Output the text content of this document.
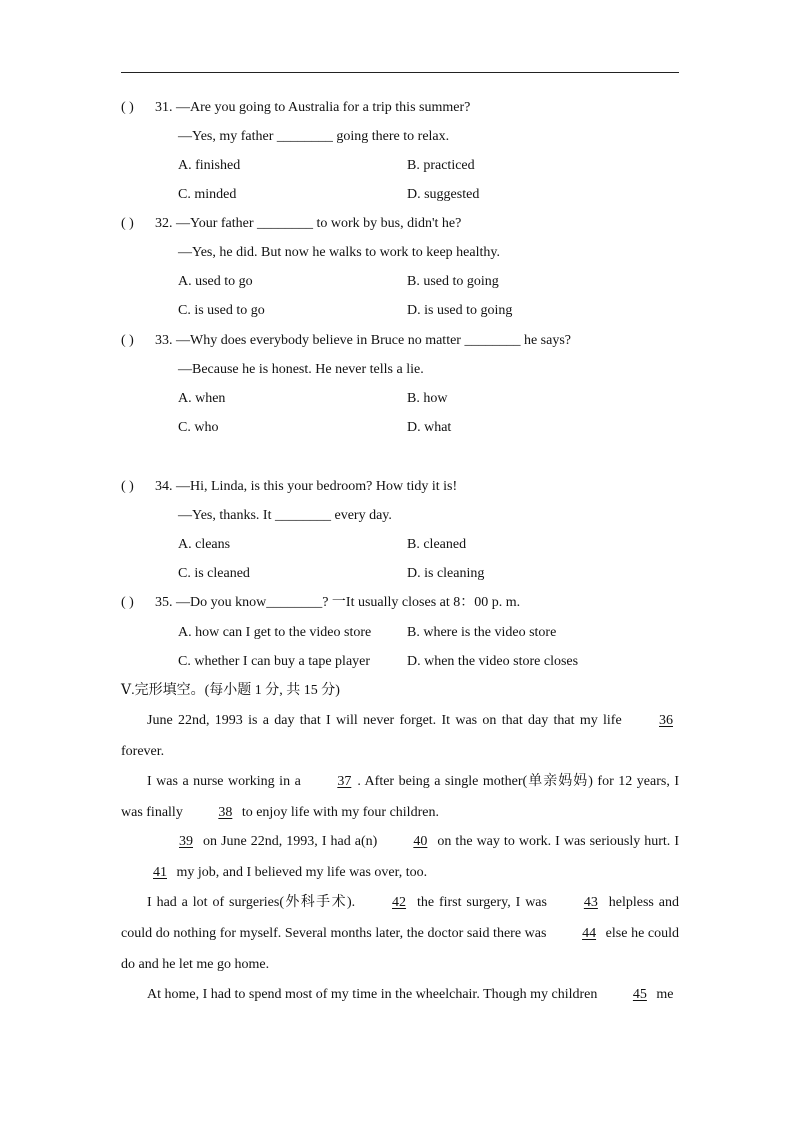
( ) 31. —Are you going to Australia for a trip this summer?
—Yes, my father ________ going there to relax.
A. finished	B. practiced
C. minded	D. suggested
( ) 32. —Your father ________ to work by bus, didn't he?
—Yes, he did. But now he walks to work to keep healthy.
A. used to go	B. used to going
C. is used to go	D. is used to going
( ) 33. —Why does everybody believe in Bruce no matter ________ he says?
—Because he is honest. He never tells a lie.
A. when	B. how
C. who	D. what
( ) 34. —Hi, Linda, is this your bedroom? How tidy it is!
—Yes, thanks. It ________ every day.
A. cleans	B. cleaned
C. is cleaned	D. is cleaning
( ) 35. —Do you know________? 一It usually closes at 8：00 p. m.
A. how can I get to the video store	B. where is the video store
C. whether I can buy a tape player	D. when the video store closes
Ⅴ.完形填空。(每小题 1 分, 共 15 分)
June 22nd, 1993 is a day that I will never forget. It was on that day that my life 36 forever.
I was a nurse working in a 37 . After being a single mother(单亲妈妈) for 12 years, I was finally 38 to enjoy life with my four children.
39 on June 22nd, 1993, I had a(n) 40 on the way to work. I was seriously hurt. I 41 my job, and I believed my life was over, too.
I had a lot of surgeries(外科手术). 42 the first surgery, I was 43 helpless and could do nothing for myself. Several months later, the doctor said there was 44 else he could do and he let me go home.
At home, I had to spend most of my time in the wheelchair. Though my children 45 me
